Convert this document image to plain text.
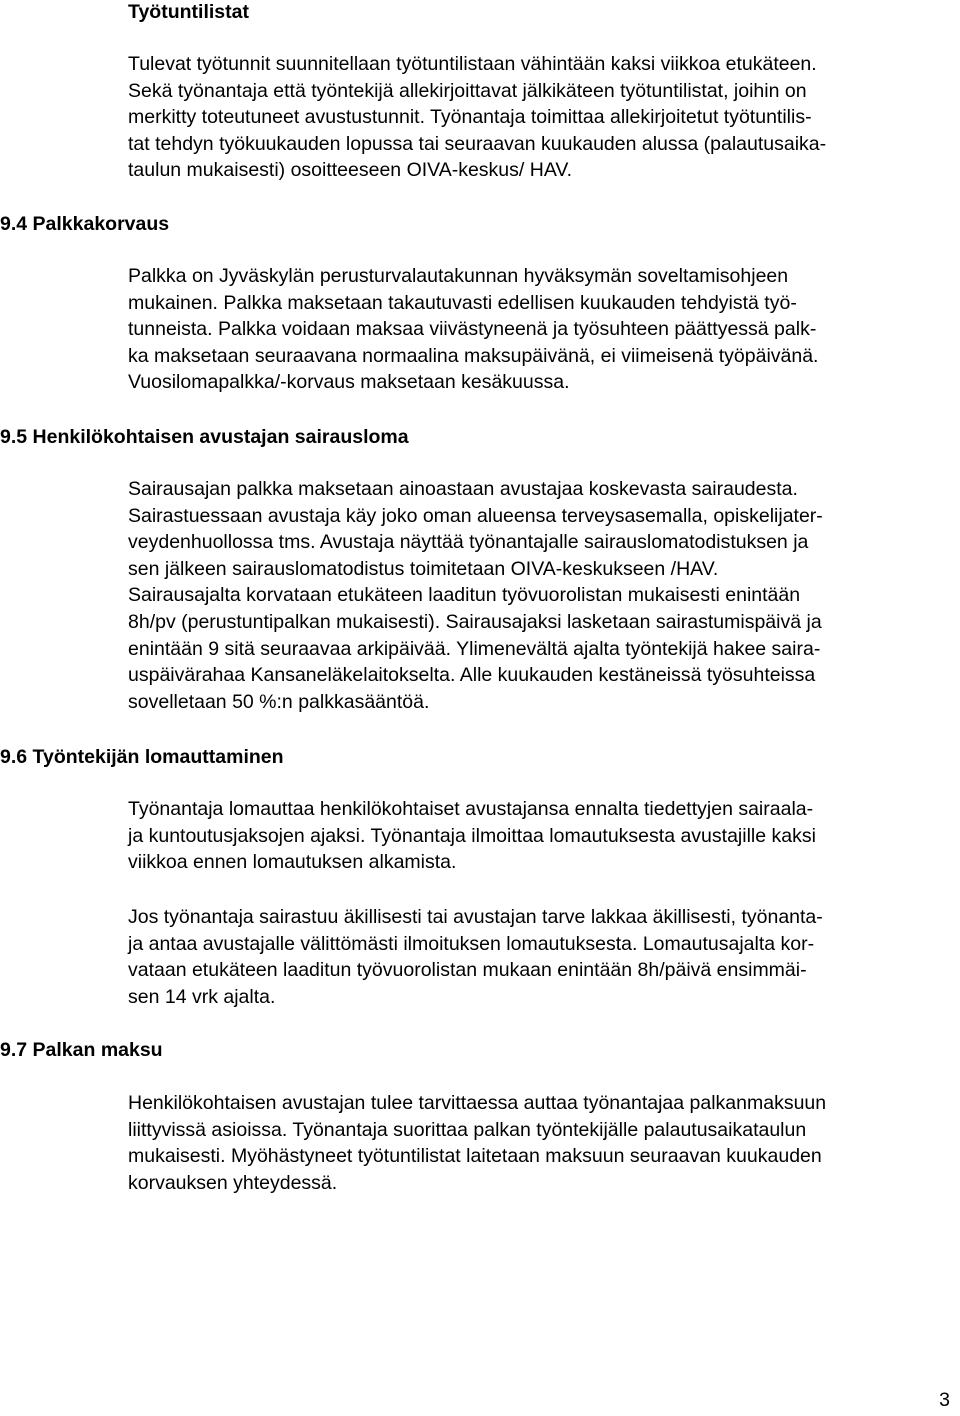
Työtuntilistat
Tulevat työtunnit suunnitellaan työtuntilistaan vähintään kaksi viikkoa etukäteen.
Sekä työnantaja että työntekijä allekirjoittavat jälkikäteen työtuntilistat, joihin on
merkitty toteutuneet avustustunnit. Työnantaja toimittaa allekirjoitetut työtuntilis-
tat tehdyn työkuukauden lopussa tai seuraavan kuukauden alussa (palautusaika-
taulun mukaisesti) osoitteeseen OIVA-keskus/ HAV.
9.4 Palkkakorvaus
Palkka on Jyväskylän perusturvalautakunnan hyväksymän soveltamisohjeen
mukainen. Palkka maksetaan takautuvasti edellisen kuukauden tehdyistä työ-
tunneista. Palkka voidaan maksaa viivästyneenä ja työsuhteen päättyessä palk-
ka maksetaan seuraavana normaalina maksupäivänä, ei viimeisenä työpäivänä.
Vuosilomapalkka/-korvaus maksetaan kesäkuussa.
9.5 Henkilökohtaisen avustajan sairausloma
Sairausajan palkka maksetaan ainoastaan avustajaa koskevasta sairaudesta.
Sairastuessaan avustaja käy joko oman alueensa terveysasemalla, opiskelijater-
veydenhuollossa tms. Avustaja näyttää työnantajalle sairauslomatodistuksen ja
sen jälkeen sairauslomatodistus toimitetaan OIVA-keskukseen /HAV.
Sairausajalta korvataan etukäteen laaditun työvuorolistan mukaisesti enintään
8h/pv (perustuntipalkan mukaisesti). Sairausajaksi lasketaan sairastumispäivä ja
enintään 9 sitä seuraavaa arkipäivää. Ylimenevältä ajalta työntekijä hakee saira-
uspäivärahaa Kansaneläkelaitokselta. Alle kuukauden kestäneissä työsuhteissa
sovelletaan 50 %:n palkkasääntöä.
9.6 Työntekijän lomauttaminen
Työnantaja lomauttaa henkilökohtaiset avustajansa ennalta tiedettyjen sairaala-
ja kuntoutusjaksojen ajaksi. Työnantaja ilmoittaa lomautuksesta avustajille kaksi
viikkoa ennen lomautuksen alkamista.
Jos työnantaja sairastuu äkillisesti tai avustajan tarve lakkaa äkillisesti, työnanta-
ja antaa avustajalle välittömästi ilmoituksen lomautuksesta. Lomautusajalta kor-
vataan etukäteen laaditun työvuorolistan mukaan enintään 8h/päivä ensimmäi-
sen 14 vrk ajalta.
9.7 Palkan maksu
Henkilökohtaisen avustajan tulee tarvittaessa auttaa työnantajaa palkanmaksuun
liittyvissä asioissa. Työnantaja suorittaa palkan työntekijälle palautusaikataulun
mukaisesti. Myöhästyneet työtuntilistat laitetaan maksuun seuraavan kuukauden
korvauksen yhteydessä.
3
